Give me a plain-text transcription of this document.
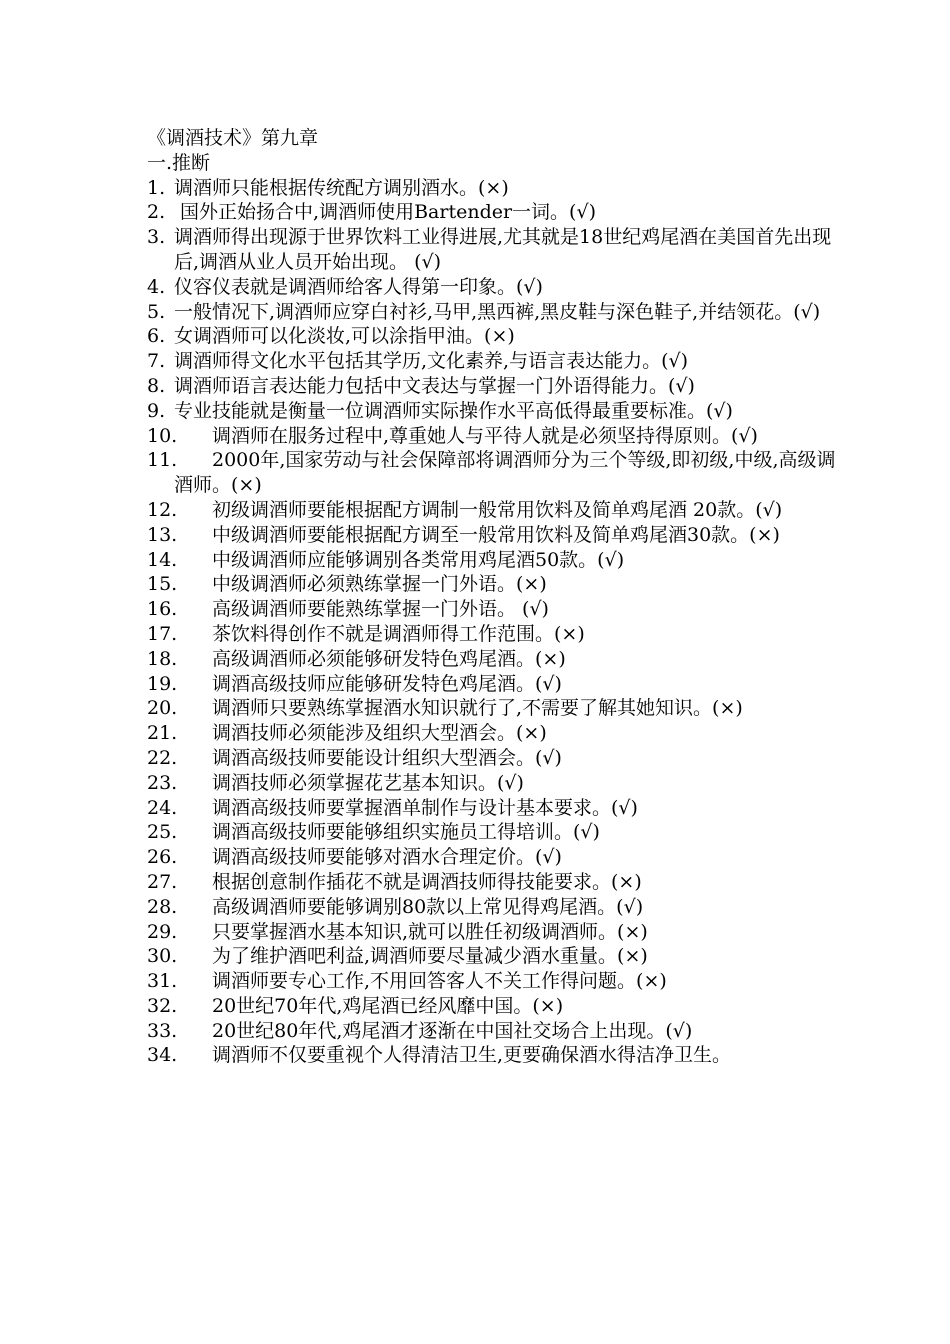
《调酒技术》第九章
一.推断
1. 调酒师只能根据传统配方调别酒水。(×)
2. 国外正始扬合中,调酒师使用Bartender一词。(√)
3. 调酒师得出现源于世界饮料工业得进展,尤其就是18世纪鸡尾酒在美国首先出现后,调酒从业人员开始出现。 (√)
4. 仪容仪表就是调酒师给客人得第一印象。(√)
5. 一般情况下,调酒师应穿白衬衫,马甲,黑西裤,黑皮鞋与深色鞋子,并结领花。(√)
6. 女调酒师可以化淡妆,可以涂指甲油。(×)
7. 调酒师得文化水平包括其学历,文化素养,与语言表达能力。(√)
8. 调酒师语言表达能力包括中文表达与掌握一门外语得能力。(√)
9. 专业技能就是衡量一位调酒师实际操作水平高低得最重要标准。(√)
10. 调酒师在服务过程中,尊重她人与平待人就是必须坚持得原则。(√)
11. 2000年,国家劳动与社会保障部将调酒师分为三个等级,即初级,中级,高级调酒师。(×)
12. 初级调酒师要能根据配方调制一般常用饮料及简单鸡尾酒 20款。(√)
13. 中级调酒师要能根据配方调至一般常用饮料及简单鸡尾酒30款。(×)
14. 中级调酒师应能够调别各类常用鸡尾酒50款。(√)
15. 中级调酒师必须熟练掌握一门外语。(×)
16. 高级调酒师要能熟练掌握一门外语。 (√)
17. 茶饮料得创作不就是调酒师得工作范围。(×)
18. 高级调酒师必须能够研发特色鸡尾酒。(×)
19. 调酒高级技师应能够研发特色鸡尾酒。(√)
20. 调酒师只要熟练掌握酒水知识就行了,不需要了解其她知识。(×)
21. 调酒技师必须能涉及组织大型酒会。(×)
22. 调酒高级技师要能设计组织大型酒会。(√)
23. 调酒技师必须掌握花艺基本知识。(√)
24. 调酒高级技师要掌握酒单制作与设计基本要求。(√)
25. 调酒高级技师要能够组织实施员工得培训。(√)
26. 调酒高级技师要能够对酒水合理定价。(√)
27. 根据创意制作插花不就是调酒技师得技能要求。(×)
28. 高级调酒师要能够调别80款以上常见得鸡尾酒。(√)
29. 只要掌握酒水基本知识,就可以胜任初级调酒师。(×)
30. 为了维护酒吧利益,调酒师要尽量减少酒水重量。(×)
31. 调酒师要专心工作,不用回答客人不关工作得问题。(×)
32. 20世纪70年代,鸡尾酒已经风靡中国。(×)
33. 20世纪80年代,鸡尾酒才逐渐在中国社交场合上出现。(√)
34. 调酒师不仅要重视个人得清洁卫生,更要确保酒水得洁净卫生。
